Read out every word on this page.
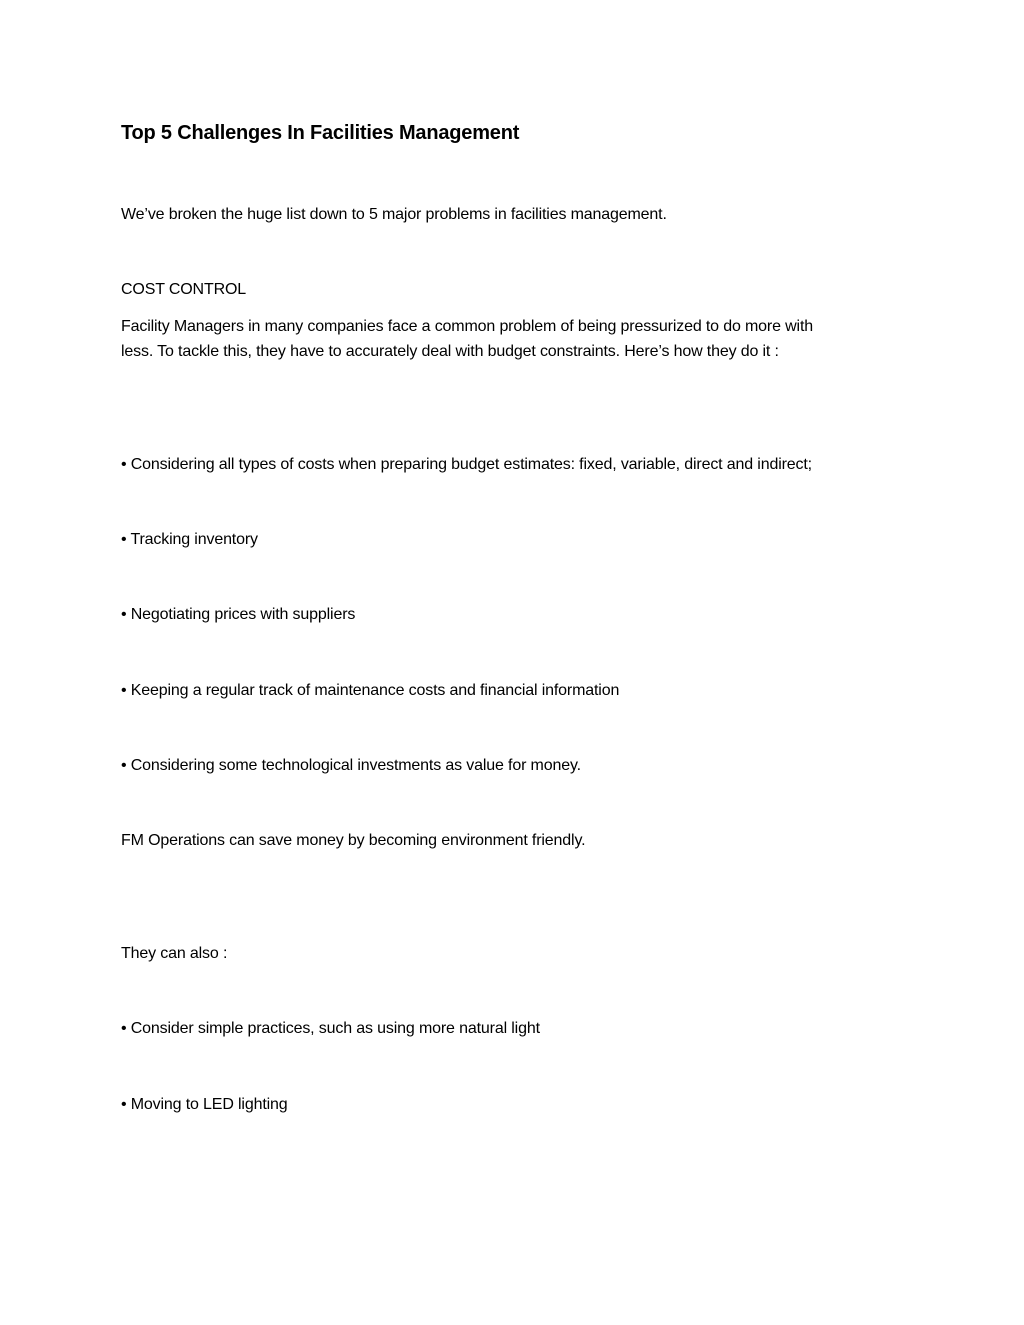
Top 5 Challenges In Facilities Management

We’ve broken the huge list down to 5 major problems in facilities management.

COST CONTROL

Facility Managers in many companies face a common problem of being pressurized to do more with

less. To tackle this, they have to accurately deal with budget constraints. Here’s how they do it :

• Considering all types of costs when preparing budget estimates: fixed, variable, direct and indirect;

• Tracking inventory

• Negotiating prices with suppliers

• Keeping a regular track of maintenance costs and financial information

• Considering some technological investments as value for money.

FM Operations can save money by becoming environment friendly.

They can also :

• Consider simple practices, such as using more natural light

• Moving to LED lighting
